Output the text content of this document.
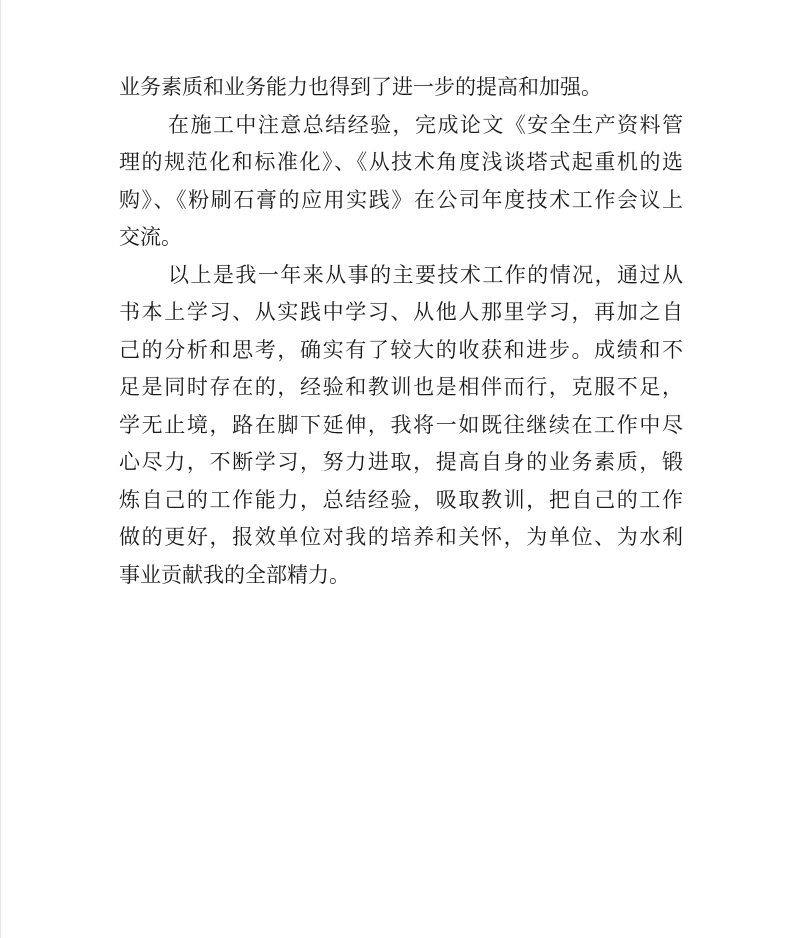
业务素质和业务能力也得到了进一步的提高和加强。
在施工中注意总结经验，完成论文《安全生产资料管
理的规范化和标准化》、《从技术角度浅谈塔式起重机的选
购》、《粉刷石膏的应用实践》在公司年度技术工作会议上
交流。
以上是我一年来从事的主要技术工作的情况，通过从
书本上学习、从实践中学习、从他人那里学习，再加之自
己的分析和思考，确实有了较大的收获和进步。成绩和不
足是同时存在的，经验和教训也是相伴而行，克服不足，
学无止境，路在脚下延伸，我将一如既往继续在工作中尽
心尽力，不断学习，努力进取，提高自身的业务素质，锻
炼自己的工作能力，总结经验，吸取教训，把自己的工作
做的更好，报效单位对我的培养和关怀，为单位、为水利
事业贡献我的全部精力。
